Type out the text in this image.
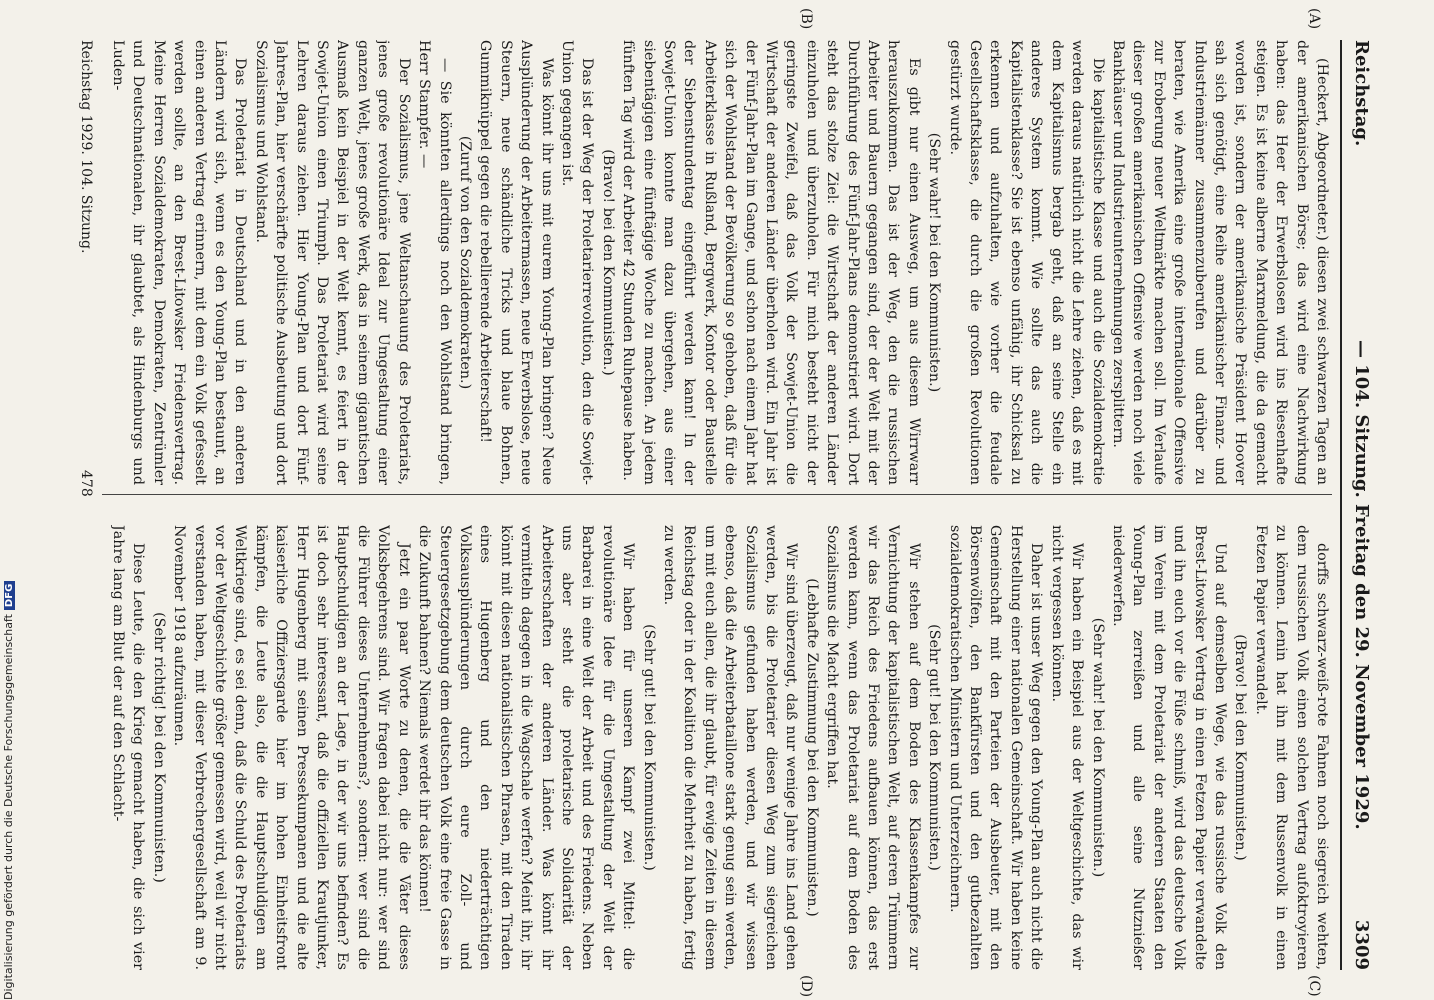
Reichstag.
— 104. Sitzung. Freitag den 29. November 1929.
3309
(A)
(B)
(C)
(D)

(Heckert, Abgeordneter.) diesen zwei schwarzen Tagen an der amerikanischen Börse; das wird eine Nachwirkung haben: das Heer der Erwerbslosen wird ins Riesenhafte steigen. Es ist keine alberne Marxmeldung, die da gemacht worden ist, sondern der amerikanische Präsident Hoover sah sich genötigt, eine Reihe amerikanischer Finanz- und Industriemänner zusammenzuberufen und darüber zu beraten, wie Amerika eine große internationale Offensive zur Eroberung neuer Weltmärkte machen soll. Im Verlaufe dieser großen amerikanischen Offensive werden noch viele Bankhäuser und Industrieunternehmungen zersplittern.

Die kapitalistische Klasse und auch die Sozialdemokratie werden daraus natürlich nicht die Lehre ziehen, daß es mit dem Kapitalismus bergab geht, daß an seine Stelle ein anderes System kommt. Wie sollte das auch die Kapitalistenklasse? Sie ist ebenso unfähig, ihr Schicksal zu erkennen und aufzuhalten, wie vorher die feudale Gesellschaftsklasse, die durch die großen Revolutionen gestürzt wurde.

(Sehr wahr! bei den Kommunisten.)

Es gibt nur einen Ausweg, um aus diesem Wirrwarr herauszukommen. Das ist der Weg, den die russischen Arbeiter und Bauern gegangen sind, der der Welt mit der Durchführung des Fünf-Jahr-Plans demonstriert wird. Dort steht das stolze Ziel: die Wirtschaft der anderen Länder einzuholen und überzuholen. Für mich besteht nicht der geringste Zweifel, daß das Volk der Sowjet-Union die Wirtschaft der anderen Länder überholen wird. Ein Jahr ist der Fünf-Jahr-Plan im Gange, und schon nach einem Jahr hat sich der Wohlstand der Bevölkerung so gehoben, daß für die Arbeiterklasse in Rußland, Bergwerk, Kontor oder Baustelle der Siebenstundentag eingeführt werden kann! In der Sowjet-Union konnte man dazu übergehen, aus einer siebentägigen eine fünftägige Woche zu machen. An jedem fünften Tag wird der Arbeiter 42 Stunden Ruhepause haben.

(Bravo! bei den Kommunisten.)

Das ist der Weg der Proletarierrevolution, den die Sowjet-Union gegangen ist.

Was könnt ihr uns mit eurem Young-Plan bringen? Neue Ausplünderung der Arbeitermassen, neue Erwerbslose, neue Steuern, neue schändliche Tricks und blaue Bohnen, Gummiknüppel gegen die rebellierende Arbeiterschaft!

(Zuruf von den Sozialdemokraten.)

— Sie könnten allerdings noch den Wohlstand bringen, Herr Stampfer. —

Der Sozialismus, jene Weltanschauung des Proletariats, jenes große revolutionäre Ideal zur Umgestaltung einer ganzen Welt, jenes große Werk, das in seinem gigantischen Ausmaß kein Beispiel in der Welt kennt, es feiert in der Sowjet-Union einen Triumph. Das Proletariat wird seine Lehren daraus ziehen. Hier Young-Plan und dort Fünf-Jahres-Plan, hier verschärfte politische Ausbeutung und dort Sozialismus und Wohlstand.

Das Proletariat in Deutschland und in den anderen Ländern wird sich, wenn es den Young-Plan bestaunt, an einen anderen Vertrag erinnern, mit dem ein Volk gefesselt werden sollte, an den Brest-Litowsker Friedensvertrag. Meine Herren Sozialdemokraten, Demokraten, Zentrümler und Deutschnationalen, ihr glaubtet, als Hindenburgs und Luden-

dorffs schwarz-weiß-rote Fahnen noch siegreich wehten, dem russischen Volk einen solchen Vertrag aufoktroyieren zu können. Lenin hat ihn mit dem Russenvolk in einen Fetzen Papier verwandelt.

(Bravo! bei den Kommunisten.)

Und auf demselben Wege, wie das russische Volk den Brest-Litowsker Vertrag in einen Fetzen Papier verwandelte und ihn euch vor die Füße schmiß, wird das deutsche Volk im Verein mit dem Proletariat der anderen Staaten den Young-Plan zerreißen und alle seine Nutznießer niederwerfen.

(Sehr wahr! bei den Kommunisten.)

Wir haben ein Beispiel aus der Weltgeschichte, das wir nicht vergessen können.

Daher ist unser Weg gegen den Young-Plan auch nicht die Herstellung einer nationalen Gemeinschaft. Wir haben keine Gemeinschaft mit den Parteien der Ausbeuter, mit den Börsenwölfen, den Bankfürsten und den gutbezahlten sozialdemokratischen Ministern und Unterzeichnern.

(Sehr gut! bei den Kommunisten.)

Wir stehen auf dem Boden des Klassenkampfes zur Vernichtung der kapitalistischen Welt, auf deren Trümmern wir das Reich des Friedens aufbauen können, das erst werden kann, wenn das Proletariat auf dem Boden des Sozialismus die Macht ergriffen hat.

(Lebhafte Zustimmung bei den Kommunisten.)

Wir sind überzeugt, daß nur wenige Jahre ins Land gehen werden, bis die Proletarier diesen Weg zum siegreichen Sozialismus gefunden haben werden, und wir wissen ebenso, daß die Arbeiterbataillone stark genug sein werden, um mit euch allen, die ihr glaubt, für ewige Zeiten in diesem Reichstag oder in der Koalition die Mehrheit zu haben, fertig zu werden.

(Sehr gut! bei den Kommunisten.)

Wir haben für unseren Kampf zwei Mittel: die revolutionäre Idee für die Umgestaltung der Welt der Barbarei in eine Welt der Arbeit und des Friedens. Neben uns aber steht die proletarische Solidarität der Arbeiterschaften der anderen Länder. Was könnt ihr vermitteln dagegen in die Wagschale werfen? Meint ihr, ihr könnt mit diesen nationalistischen Phrasen, mit den Tiraden eines Hugenberg und den niederträchtigen Volksausplünderungen durch eure Zoll- und Steuergesetzgebung dem deutschen Volk eine freie Gasse in die Zukunft bahnen? Niemals werdet ihr das können!

Jetzt ein paar Worte zu denen, die die Väter dieses Volksbegehrens sind. Wir fragen dabei nicht nur: wer sind die Führer dieses Unternehmens?, sondern: wer sind die Hauptschuldigen an der Lage, in der wir uns befinden? Es ist doch sehr interessant, daß die offiziellen Krautjunker, Herr Hugenberg mit seinen Pressekumpanen und die alte kaiserliche Offiziersgarde hier im hohen Einheitsfront kämpfen, die Leute also, die die Hauptschuldigen am Weltkriege sind, es sei denn, daß die Schuld des Proletariats vor der Weltgeschichte größer gemessen wird, weil wir nicht verstanden haben, mit dieser Verbrechergesellschaft am 9. November 1918 aufzuräumen.

(Sehr richtig! bei den Kommunisten.)

Diese Leute, die den Krieg gemacht haben, die sich vier Jahre lang am Blut der auf den Schlacht-

Reichstag 1929. 104. Sitzung.
478
Digitalisierung gefördert durch die Deutsche ForschungsgemeinschaftDFG
